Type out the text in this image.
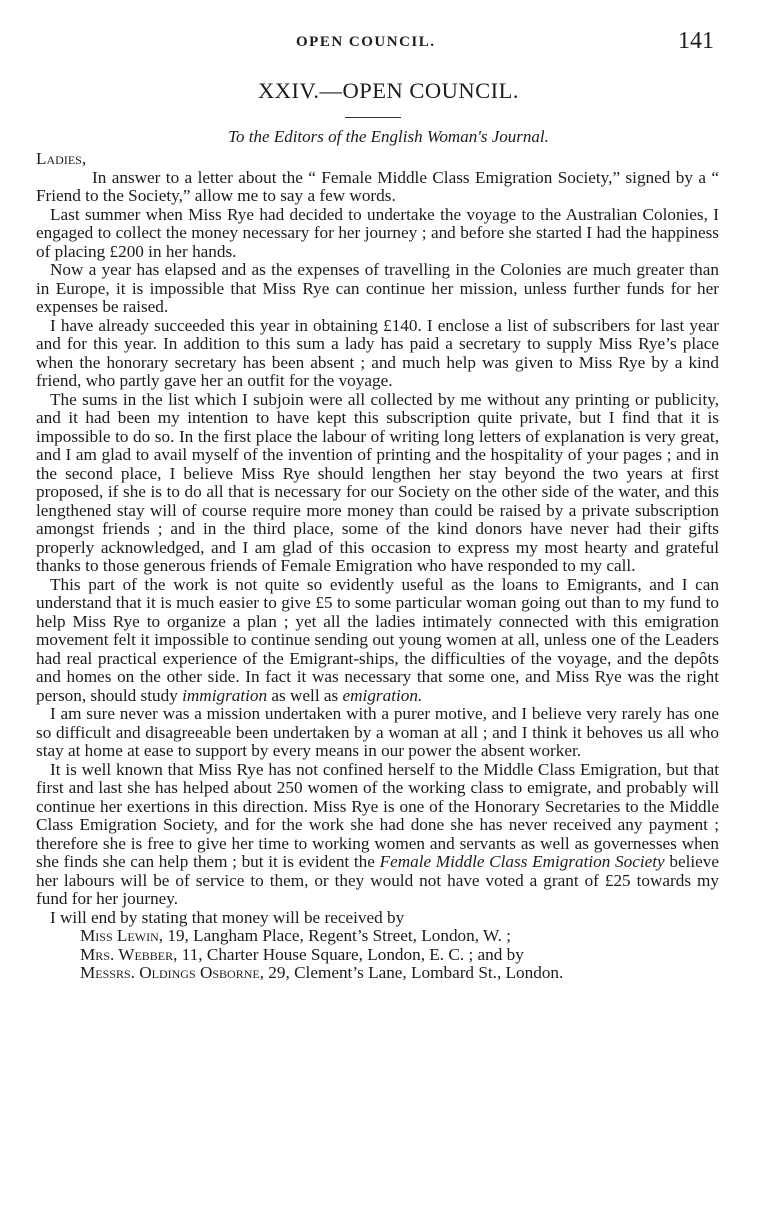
OPEN COUNCIL.	141
XXIV.—OPEN COUNCIL.
To the Editors of the English Woman's Journal.

Ladies,

In answer to a letter about the “ Female Middle Class Emigration Society,” signed by a “ Friend to the Society,” allow me to say a few words.

Last summer when Miss Rye had decided to undertake the voyage to the Australian Colonies, I engaged to collect the money necessary for her journey ; and before she started I had the happiness of placing £200 in her hands.

Now a year has elapsed and as the expenses of travelling in the Colonies are much greater than in Europe, it is impossible that Miss Rye can continue her mission, unless further funds for her expenses be raised.

I have already succeeded this year in obtaining £140. I enclose a list of subscribers for last year and for this year. In addition to this sum a lady has paid a secretary to supply Miss Rye’s place when the honorary secretary has been absent ; and much help was given to Miss Rye by a kind friend, who partly gave her an outfit for the voyage.

The sums in the list which I subjoin were all collected by me without any printing or publicity, and it had been my intention to have kept this subscription quite private, but I find that it is impossible to do so. In the first place the labour of writing long letters of explanation is very great, and I am glad to avail myself of the invention of printing and the hospitality of your pages ; and in the second place, I believe Miss Rye should lengthen her stay beyond the two years at first proposed, if she is to do all that is necessary for our Society on the other side of the water, and this lengthened stay will of course require more money than could be raised by a private subscription amongst friends ; and in the third place, some of the kind donors have never had their gifts properly acknowledged, and I am glad of this occasion to express my most hearty and grateful thanks to those generous friends of Female Emigration who have responded to my call.

This part of the work is not quite so evidently useful as the loans to Emigrants, and I can understand that it is much easier to give £5 to some particular woman going out than to my fund to help Miss Rye to organize a plan ; yet all the ladies intimately connected with this emigration movement felt it impossible to continue sending out young women at all, unless one of the Leaders had real practical experience of the Emigrant-ships, the difficulties of the voyage, and the depôts and homes on the other side. In fact it was necessary that some one, and Miss Rye was the right person, should study immigration as well as emigration.

I am sure never was a mission undertaken with a purer motive, and I believe very rarely has one so difficult and disagreeable been undertaken by a woman at all ; and I think it behoves us all who stay at home at ease to support by every means in our power the absent worker.

It is well known that Miss Rye has not confined herself to the Middle Class Emigration, but that first and last she has helped about 250 women of the working class to emigrate, and probably will continue her exertions in this direction. Miss Rye is one of the Honorary Secretaries to the Middle Class Emigration Society, and for the work she had done she has never received any payment ; therefore she is free to give her time to working women and servants as well as governesses when she finds she can help them ; but it is evident the Female Middle Class Emigration Society believe her labours will be of service to them, or they would not have voted a grant of £25 towards my fund for her journey.

I will end by stating that money will be received by

Miss Lewin, 19, Langham Place, Regent’s Street, London, W. ;

Mrs. Webber, 11, Charter House Square, London, E. C. ; and by

Messrs. Oldings Osborne, 29, Clement’s Lane, Lombard St., London.
